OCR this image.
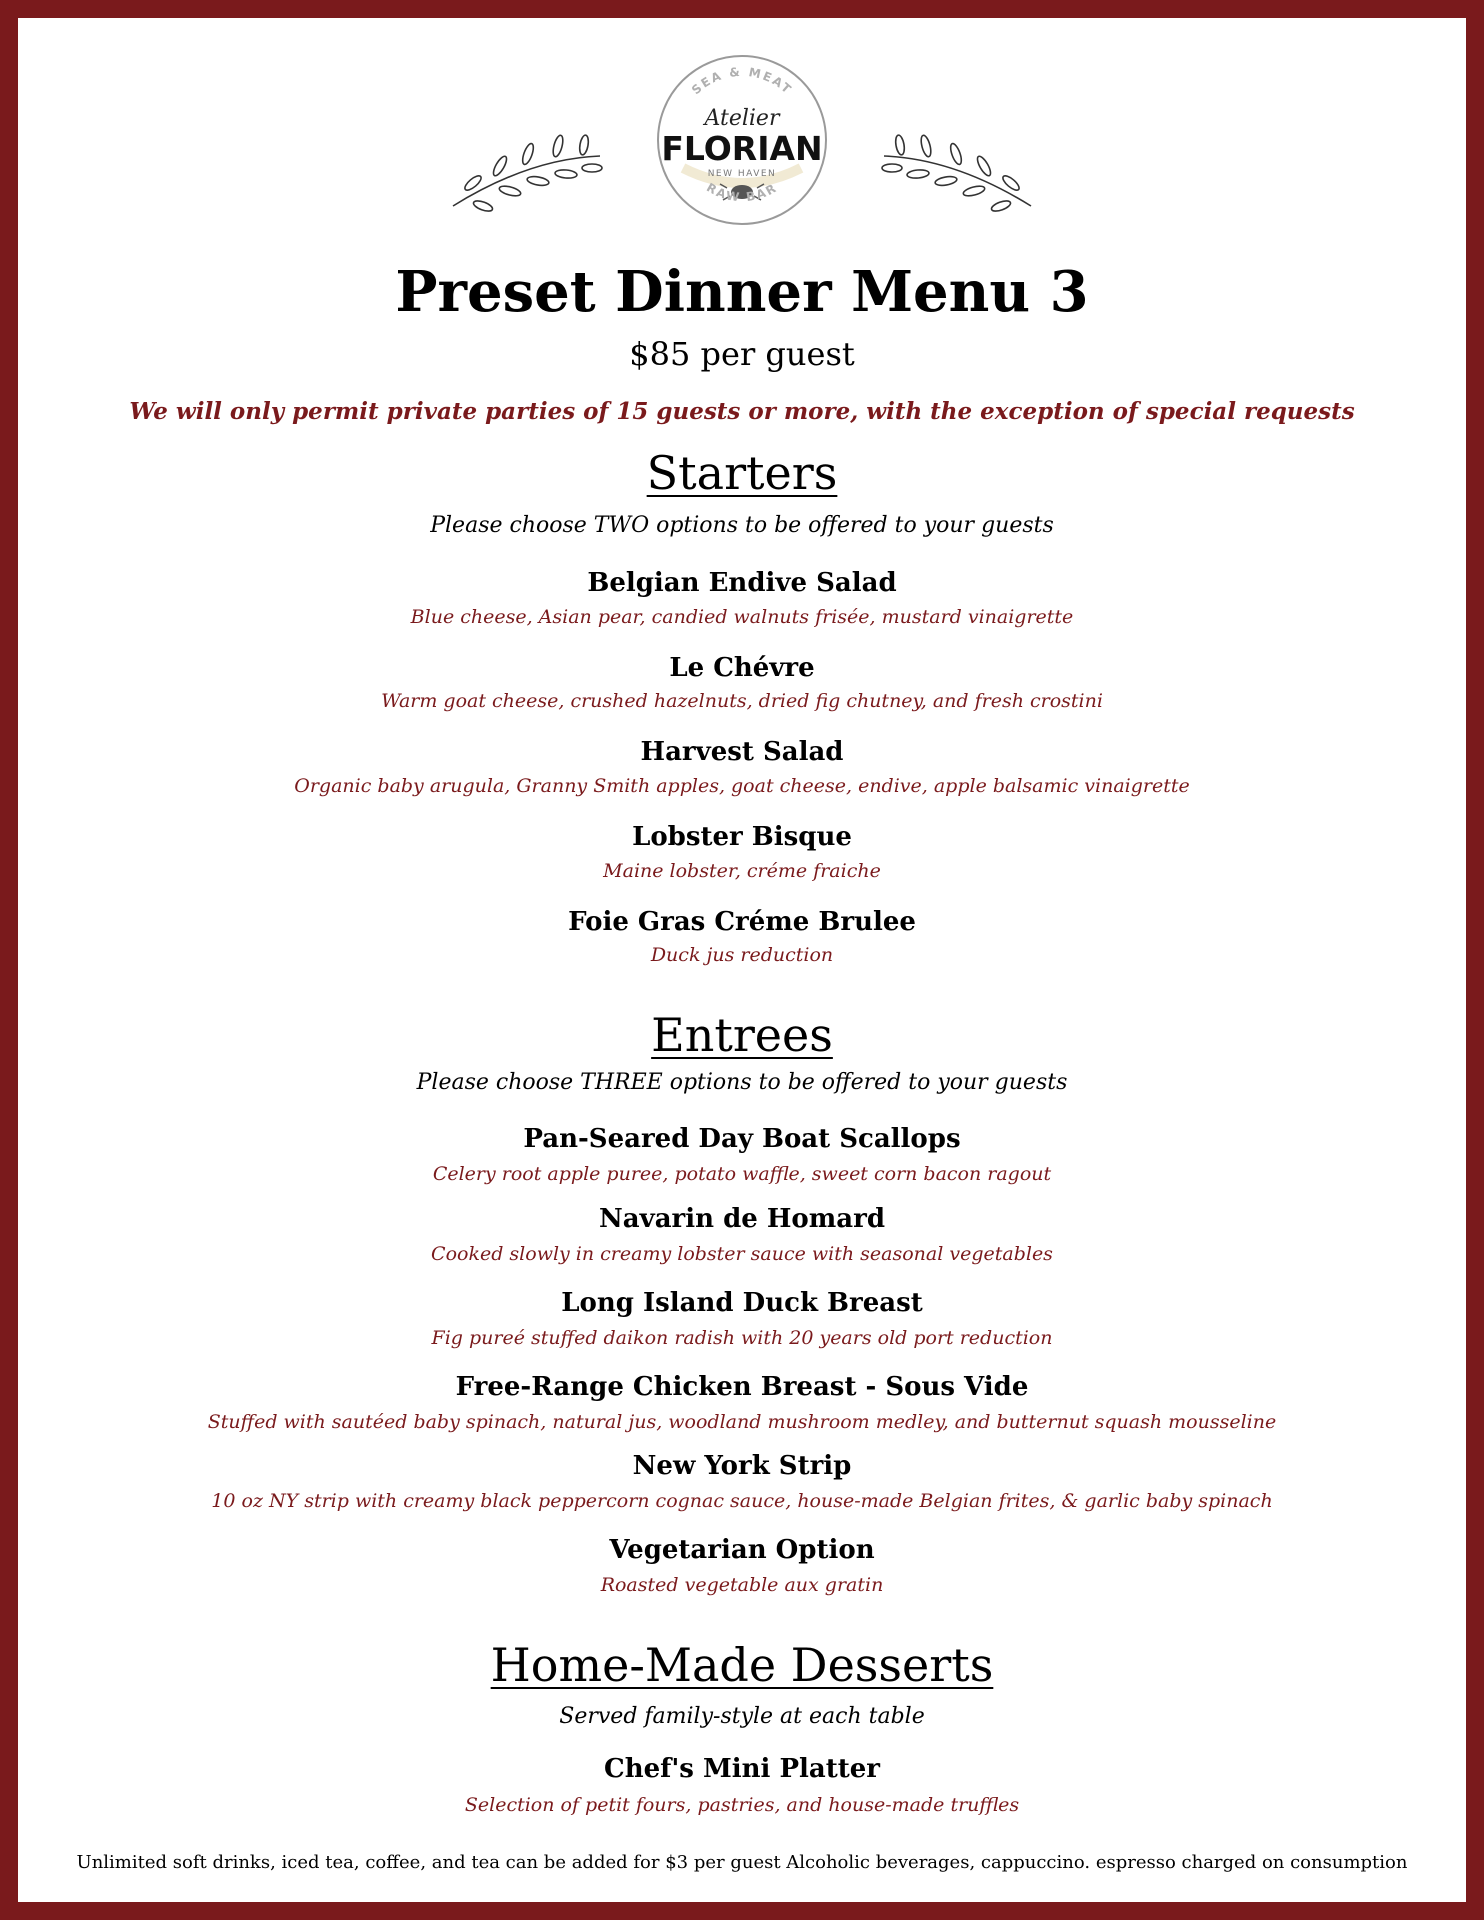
SEA & MEAT
Atelier
FLORIAN
NEW HAVEN
RAW BAR
Preset Dinner Menu 3
$85 per guest
We will only permit private parties of 15 guests or more, with the exception of special requests
Starters
Please choose TWO options to be offered to your guests
Belgian Endive Salad
Blue cheese, Asian pear, candied walnuts frisée, mustard vinaigrette
Le Chévre
Warm goat cheese, crushed hazelnuts, dried fig chutney, and fresh crostini
Harvest Salad
Organic baby arugula, Granny Smith apples, goat cheese, endive, apple balsamic vinaigrette
Lobster Bisque
Maine lobster, créme fraiche
Foie Gras Créme Brulee
Duck jus reduction
Entrees
Please choose THREE options to be offered to your guests
Pan-Seared Day Boat Scallops
Celery root apple puree, potato waffle, sweet corn bacon ragout
Navarin de Homard
Cooked slowly in creamy lobster sauce with seasonal vegetables
Long Island Duck Breast
Fig pureé stuffed daikon radish with 20 years old port reduction
Free-Range Chicken Breast - Sous Vide
Stuffed with sautéed baby spinach, natural jus, woodland mushroom medley, and butternut squash mousseline
New York Strip
10 oz NY strip with creamy black peppercorn cognac sauce, house-made Belgian frites, & garlic baby spinach
Vegetarian Option
Roasted vegetable aux gratin
Home-Made Desserts
Served family-style at each table
Chef's Mini Platter
Selection of petit fours, pastries, and house-made truffles
Unlimited soft drinks, iced tea, coffee, and tea can be added for $3 per guest Alcoholic beverages, cappuccino. espresso charged on consumption
